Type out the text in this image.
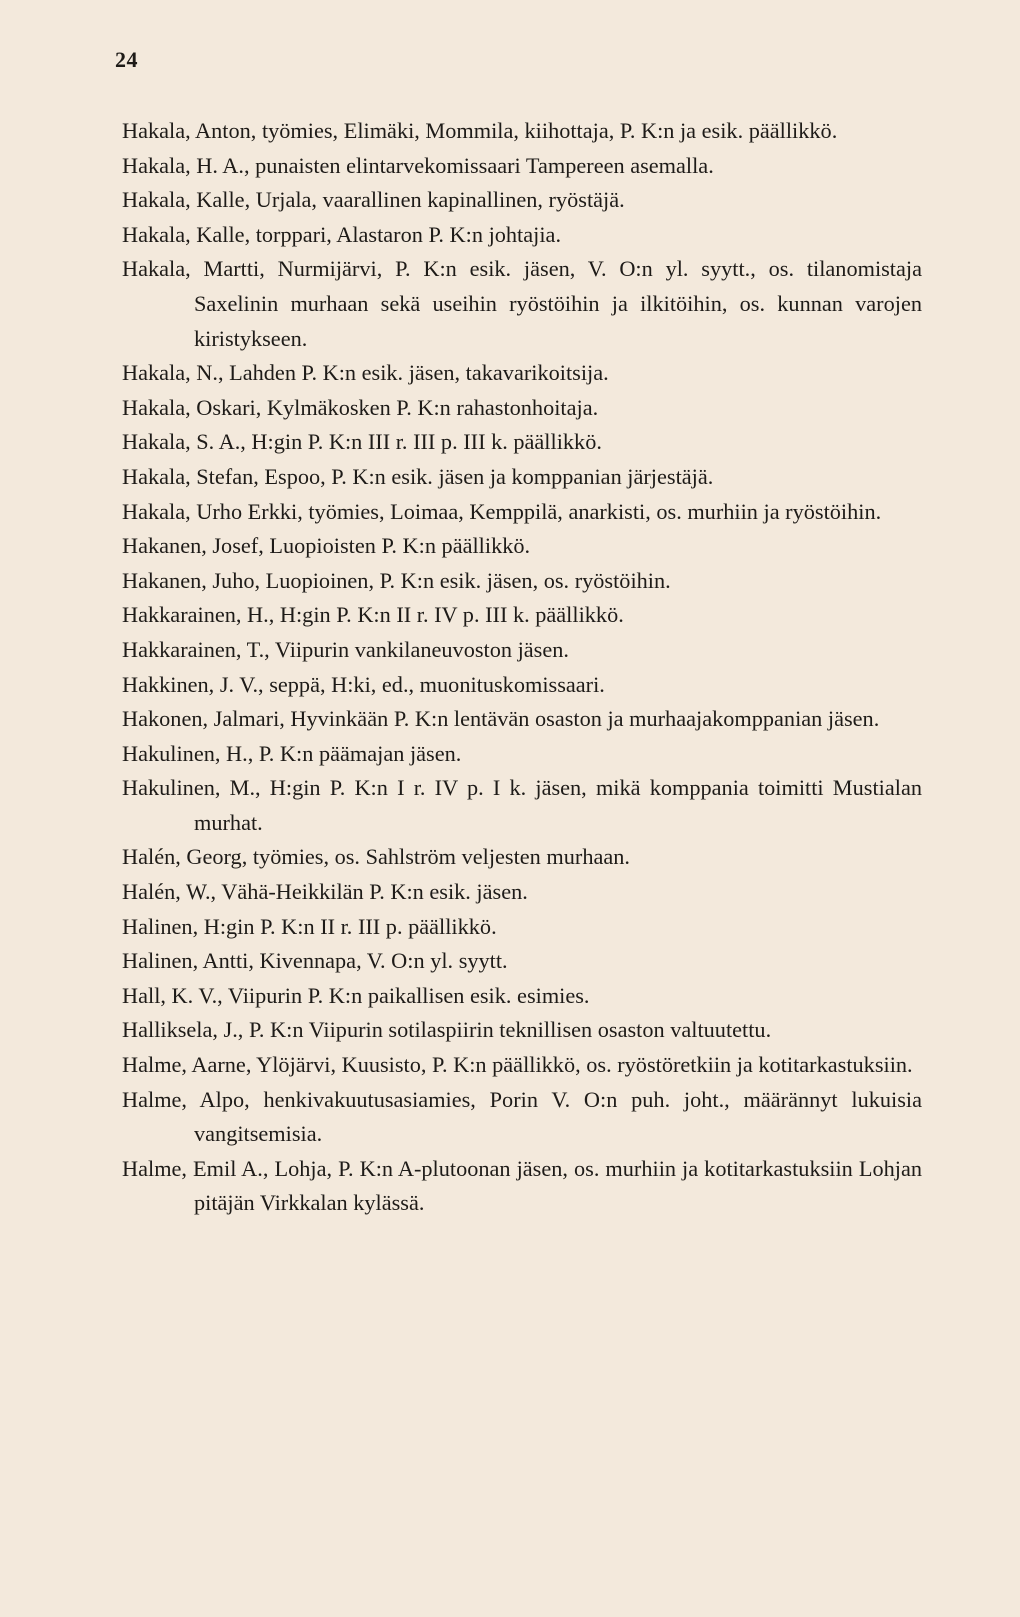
24
Hakala, Anton, työmies, Elimäki, Mommila, kiihottaja, P. K:n ja esik. päällikkö.
Hakala, H. A., punaisten elintarvekomissaari Tampereen asemalla.
Hakala, Kalle, Urjala, vaarallinen kapinallinen, ryöstäjä.
Hakala, Kalle, torppari, Alastaron P. K:n johtajia.
Hakala, Martti, Nurmijärvi, P. K:n esik. jäsen, V. O:n yl. syytt., os. tilanomistaja Saxelinin murhaan sekä useihin ryöstöihin ja ilkitöihin, os. kunnan varojen kiristykseen.
Hakala, N., Lahden P. K:n esik. jäsen, takavarikoitsija.
Hakala, Oskari, Kylmäkosken P. K:n rahastonhoitaja.
Hakala, S. A., H:gin P. K:n III r. III p. III k. päällikkö.
Hakala, Stefan, Espoo, P. K:n esik. jäsen ja komppanian järjestäjä.
Hakala, Urho Erkki, työmies, Loimaa, Kemppilä, anarkisti, os. murhiin ja ryöstöihin.
Hakanen, Josef, Luopioisten P. K:n päällikkö.
Hakanen, Juho, Luopioinen, P. K:n esik. jäsen, os. ryöstöihin.
Hakkarainen, H., H:gin P. K:n II r. IV p. III k. päällikkö.
Hakkarainen, T., Viipurin vankilaneuvoston jäsen.
Hakkinen, J. V., seppä, H:ki, ed., muonituskomissaari.
Hakonen, Jalmari, Hyvinkään P. K:n lentävän osaston ja murhaajakomppanian jäsen.
Hakulinen, H., P. K:n päämajan jäsen.
Hakulinen, M., H:gin P. K:n I r. IV p. I k. jäsen, mikä komppania toimitti Mustialan murhat.
Halén, Georg, työmies, os. Sahlström veljesten murhaan.
Halén, W., Vähä-Heikkilän P. K:n esik. jäsen.
Halinen, H:gin P. K:n II r. III p. päällikkö.
Halinen, Antti, Kivennapa, V. O:n yl. syytt.
Hall, K. V., Viipurin P. K:n paikallisen esik. esimies.
Halliksela, J., P. K:n Viipurin sotilaspiirin teknillisen osaston valtuutettu.
Halme, Aarne, Ylöjärvi, Kuusisto, P. K:n päällikkö, os. ryöstöretkiin ja kotitarkastuksiin.
Halme, Alpo, henkivakuutusasiamies, Porin V. O:n puh. joht., määrännyt lukuisia vangitsemisia.
Halme, Emil A., Lohja, P. K:n A-plutoonan jäsen, os. murhiin ja kotitarkastuksiin Lohjan pitäjän Virkkalan kylässä.
